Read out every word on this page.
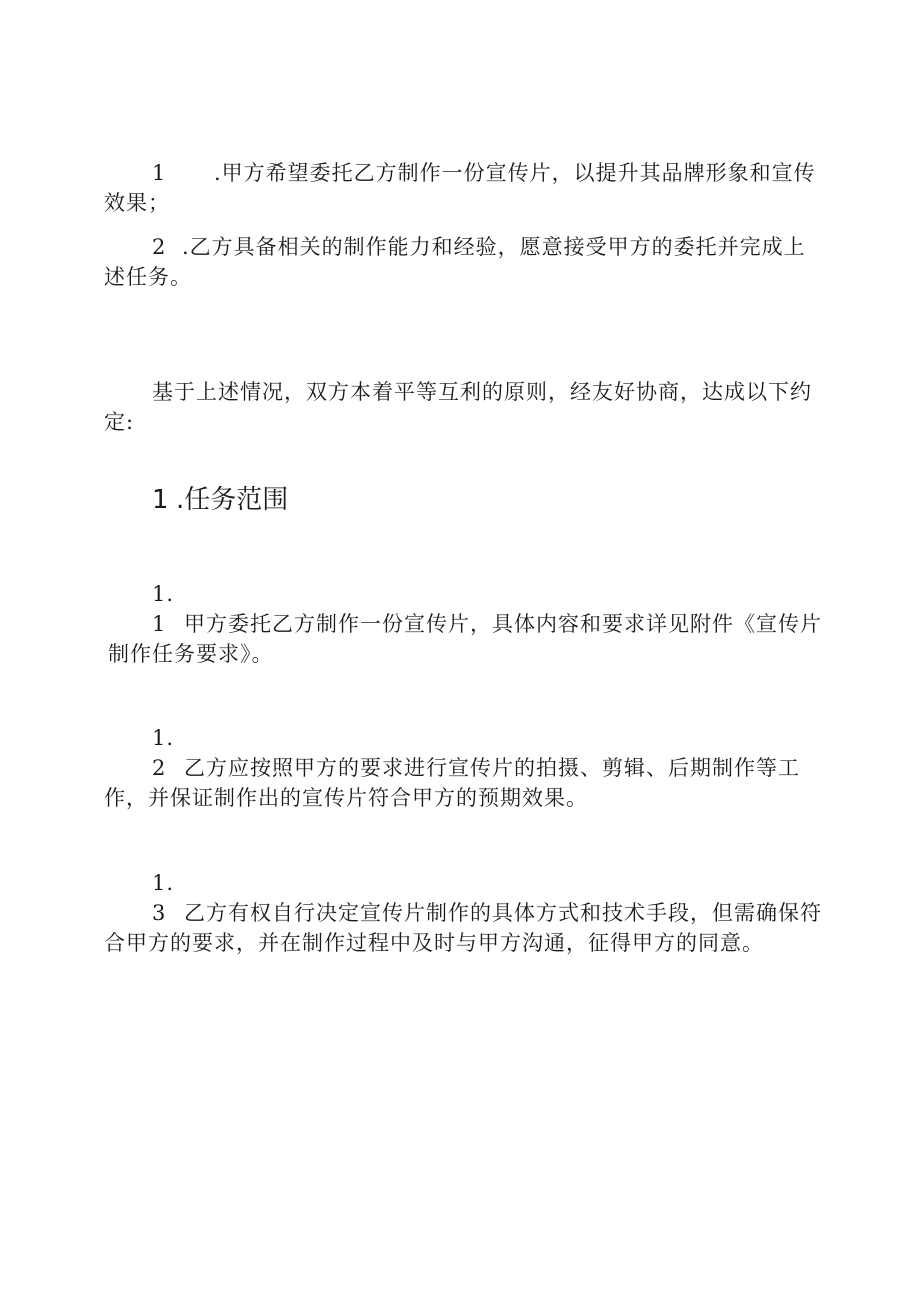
1 .甲方希望委托乙方制作一份宣传片，以提升其品牌形象和宣传效果；

2 .乙方具备相关的制作能力和经验，愿意接受甲方的委托并完成上述任务。

基于上述情况，双方本着平等互利的原则，经友好协商，达成以下约定:

1 .任务范围

1.1 甲方委托乙方制作一份宣传片，具体内容和要求详见附件《宣传片
制作任务要求》。

1.2 乙方应按照甲方的要求进行宣传片的拍摄、剪辑、后期制作等工作，并保证制作出的宣传片符合甲方的预期效果。

1.3 乙方有权自行决定宣传片制作的具体方式和技术手段，但需确保符合甲方的要求，并在制作过程中及时与甲方沟通，征得甲方的同意。
